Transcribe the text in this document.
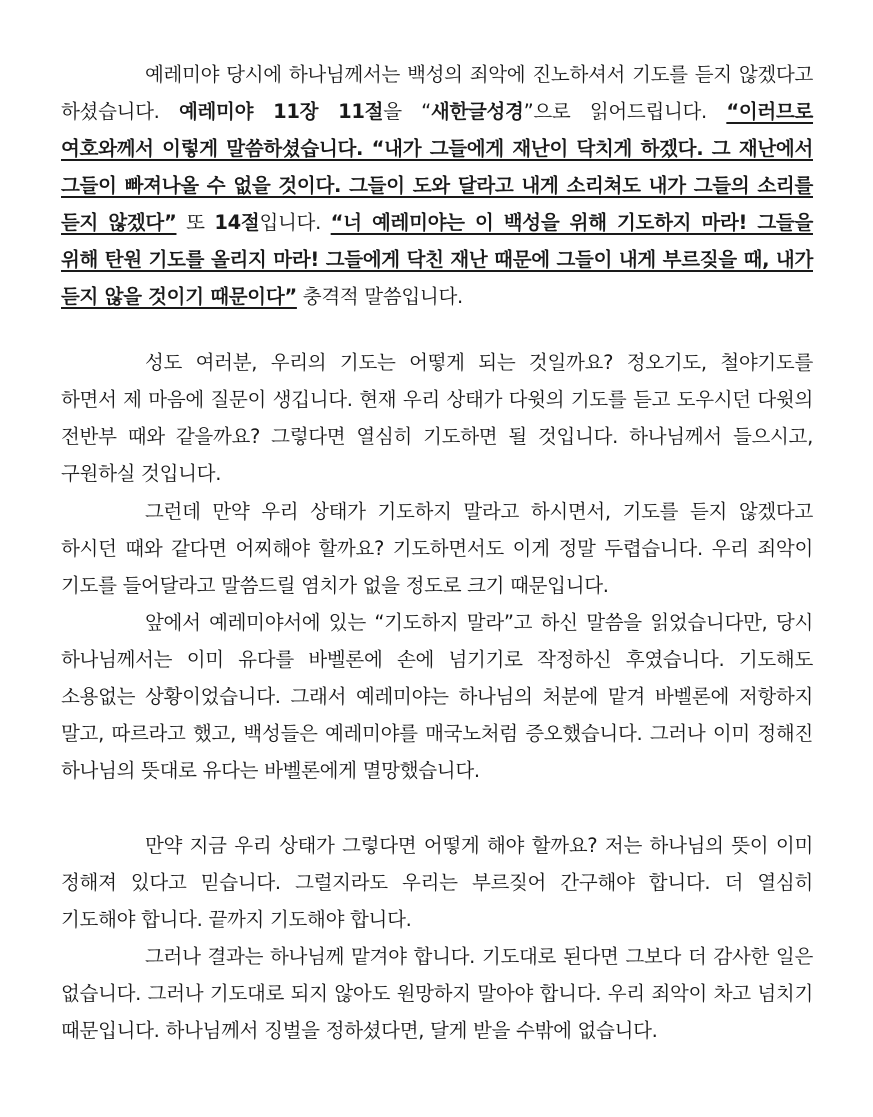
예레미야 당시에 하나님께서는 백성의 죄악에 진노하셔서 기도를 듣지 않겠다고 하셨습니다. 예레미야 11장 11절을 “새한글성경”으로 읽어드립니다. “이러므로 여호와께서 이렇게 말씀하셨습니다. “내가 그들에게 재난이 닥치게 하겠다. 그 재난에서 그들이 빠져나올 수 없을 것이다. 그들이 도와 달라고 내게 소리쳐도 내가 그들의 소리를 듣지 않겠다” 또 14절입니다. “너 예레미야는 이 백성을 위해 기도하지 마라! 그들을 위해 탄원 기도를 올리지 마라! 그들에게 닥친 재난 때문에 그들이 내게 부르짖을 때, 내가 듣지 않을 것이기 때문이다” 충격적 말씀입니다.

성도 여러분, 우리의 기도는 어떻게 되는 것일까요? 정오기도, 철야기도를 하면서 제 마음에 질문이 생깁니다. 현재 우리 상태가 다윗의 기도를 듣고 도우시던 다윗의 전반부 때와 같을까요? 그렇다면 열심히 기도하면 될 것입니다. 하나님께서 들으시고, 구원하실 것입니다.

그런데 만약 우리 상태가 기도하지 말라고 하시면서, 기도를 듣지 않겠다고 하시던 때와 같다면 어찌해야 할까요? 기도하면서도 이게 정말 두렵습니다. 우리 죄악이 기도를 들어달라고 말씀드릴 염치가 없을 정도로 크기 때문입니다.

앞에서 예레미야서에 있는 “기도하지 말라”고 하신 말씀을 읽었습니다만, 당시 하나님께서는 이미 유다를 바벨론에 손에 넘기기로 작정하신 후였습니다. 기도해도 소용없는 상황이었습니다. 그래서 예레미야는 하나님의 처분에 맡겨 바벨론에 저항하지 말고, 따르라고 했고, 백성들은 예레미야를 매국노처럼 증오했습니다. 그러나 이미 정해진 하나님의 뜻대로 유다는 바벨론에게 멸망했습니다.

만약 지금 우리 상태가 그렇다면 어떻게 해야 할까요? 저는 하나님의 뜻이 이미 정해져 있다고 믿습니다. 그럴지라도 우리는 부르짖어 간구해야 합니다. 더 열심히 기도해야 합니다. 끝까지 기도해야 합니다.

그러나 결과는 하나님께 맡겨야 합니다. 기도대로 된다면 그보다 더 감사한 일은 없습니다. 그러나 기도대로 되지 않아도 원망하지 말아야 합니다. 우리 죄악이 차고 넘치기 때문입니다. 하나님께서 징벌을 정하셨다면, 달게 받을 수밖에 없습니다.
